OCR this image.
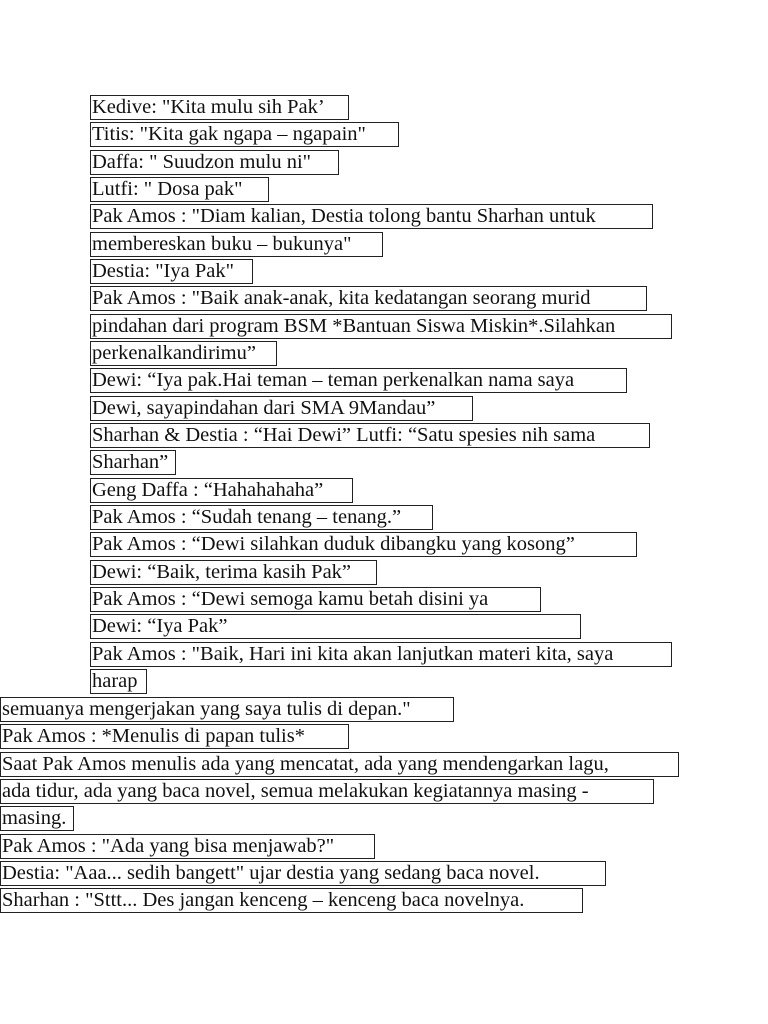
Kedive: "Kita mulu sih Pak’
Titis: "Kita gak ngapa – ngapain"
Daffa: " Suudzon mulu ni"
Lutfi: " Dosa pak"
Pak Amos : "Diam kalian, Destia tolong bantu Sharhan untuk
membereskan buku – bukunya"
Destia: "Iya Pak"
Pak Amos : "Baik anak-anak, kita kedatangan seorang murid
pindahan dari program BSM *Bantuan Siswa Miskin*.Silahkan
perkenalkandirimu”
Dewi: “Iya pak.Hai teman – teman perkenalkan nama saya
Dewi, sayapindahan dari SMA 9Mandau”
Sharhan & Destia : “Hai Dewi” Lutfi: “Satu spesies nih sama
Sharhan”
Geng Daffa : “Hahahahaha”
Pak Amos : “Sudah tenang – tenang.”
Pak Amos : “Dewi silahkan duduk dibangku yang kosong”
Dewi: “Baik, terima kasih Pak”
Pak Amos : “Dewi semoga kamu betah disini ya
Dewi: “Iya Pak”
Pak Amos : "Baik, Hari ini kita akan lanjutkan materi kita, saya
harap
semuanya mengerjakan yang saya tulis di depan."
Pak Amos : *Menulis di papan tulis*
Saat Pak Amos menulis ada yang mencatat, ada yang mendengarkan lagu,
ada tidur, ada yang baca novel, semua melakukan kegiatannya masing -
masing.
Pak Amos : "Ada yang bisa menjawab?"
Destia: "Aaa... sedih bangett" ujar destia yang sedang baca novel.
Sharhan : "Sttt... Des jangan kenceng – kenceng baca novelnya.
